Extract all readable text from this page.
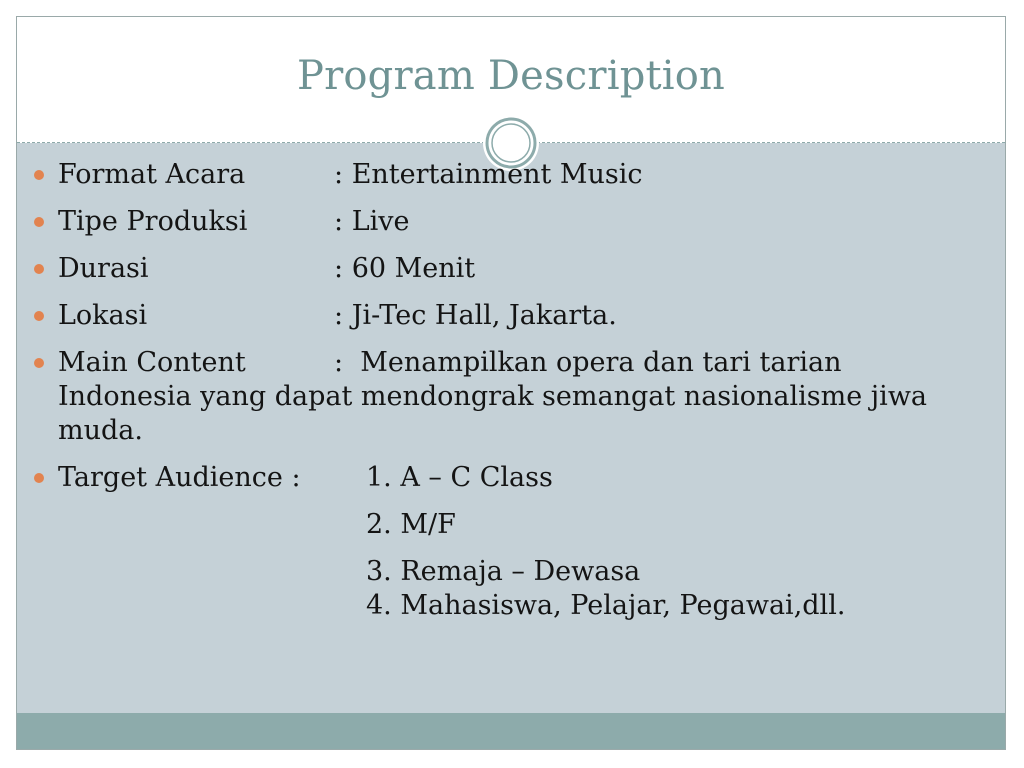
Program Description
Format Acara	: Entertainment Music
Tipe Produksi	: Live
Durasi	: 60 Menit
Lokasi	: Ji-Tec Hall, Jakarta.
Main Content	:  Menampilkan opera dan tari tarian Indonesia yang dapat mendongrak semangat nasionalisme jiwa muda.
Target Audience : 1. A – C Class
2. M/F
3. Remaja – Dewasa
4. Mahasiswa, Pelajar, Pegawai,dll.
